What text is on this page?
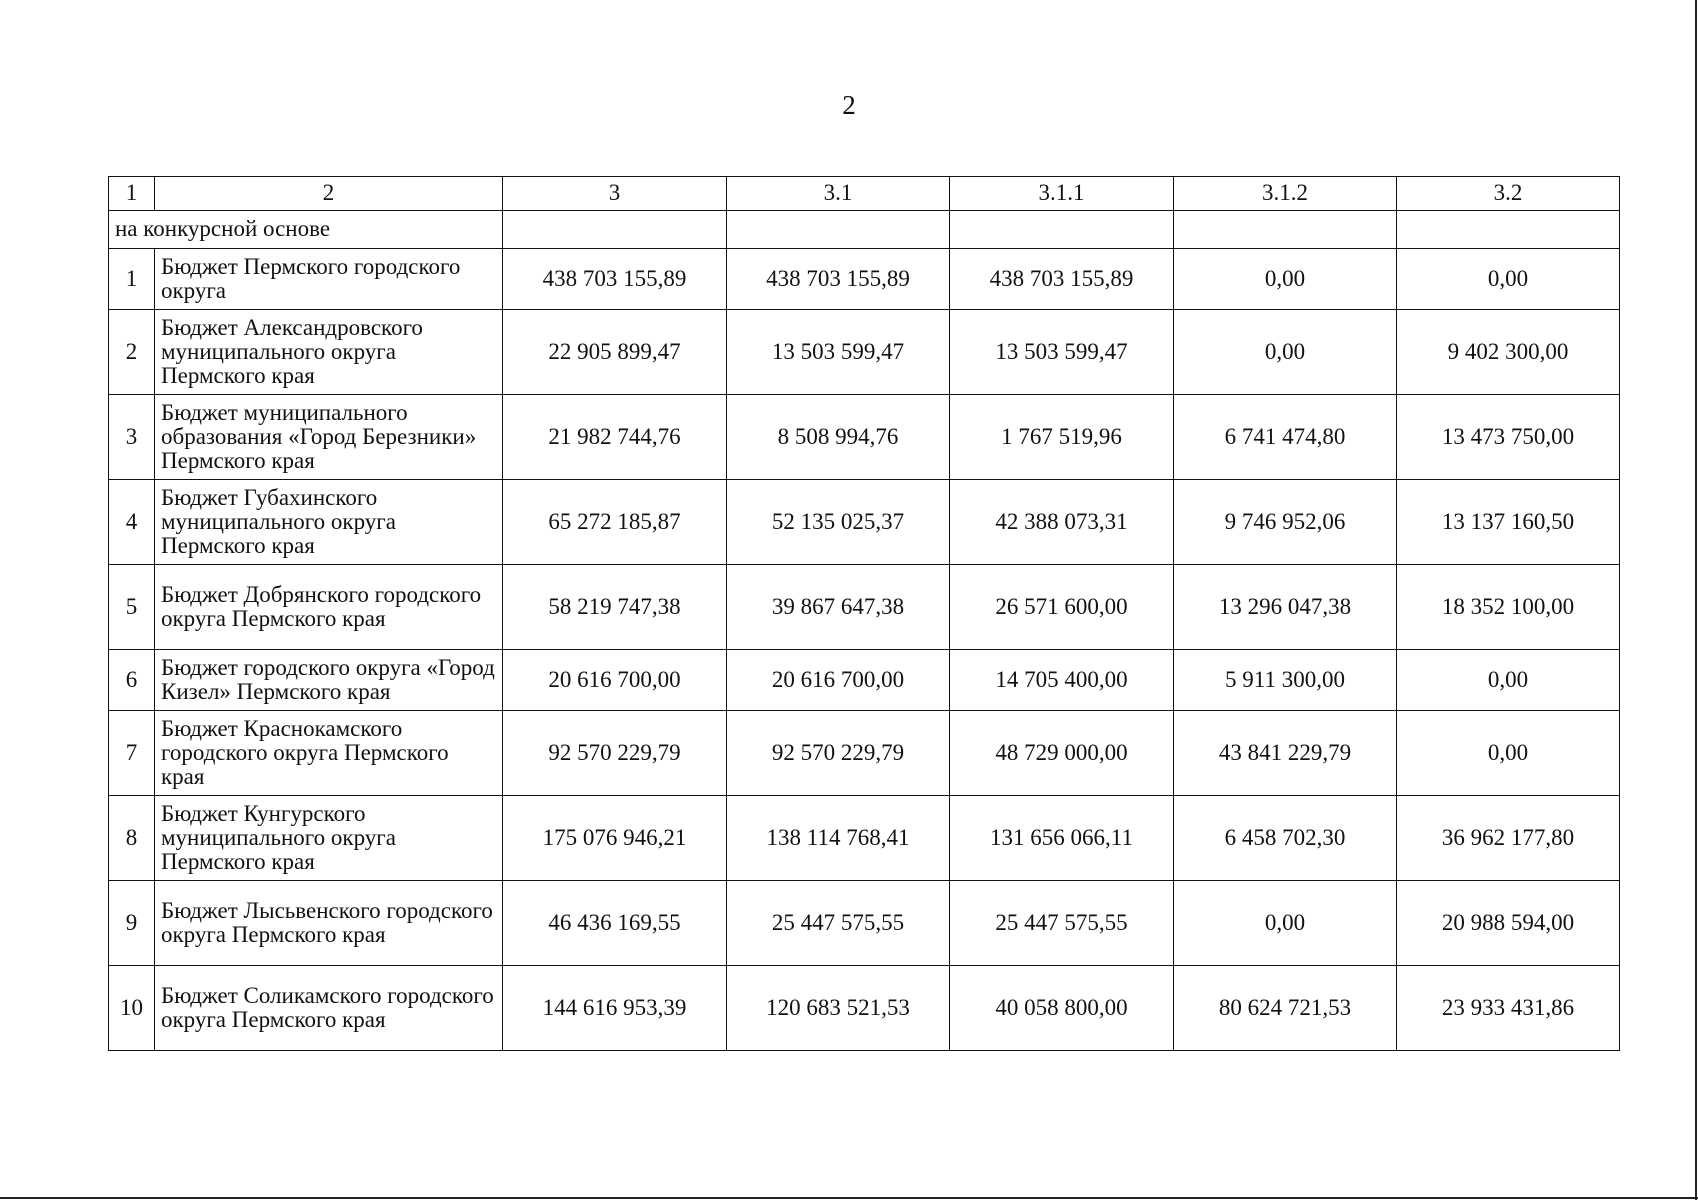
2
1	2	3	3.1	3.1.1	3.1.2	3.2
на конкурсной основе						
1	Бюджет Пермского городского округа	438 703 155,89	438 703 155,89	438 703 155,89	0,00	0,00
2	Бюджет Александровского муниципального округа Пермского края	22 905 899,47	13 503 599,47	13 503 599,47	0,00	9 402 300,00
3	Бюджет муниципального образования «Город Березники» Пермского края	21 982 744,76	8 508 994,76	1 767 519,96	6 741 474,80	13 473 750,00
4	Бюджет Губахинского муниципального округа Пермского края	65 272 185,87	52 135 025,37	42 388 073,31	9 746 952,06	13 137 160,50
5	Бюджет Добрянского городского округа Пермского края	58 219 747,38	39 867 647,38	26 571 600,00	13 296 047,38	18 352 100,00
6	Бюджет городского округа «Город Кизел» Пермского края	20 616 700,00	20 616 700,00	14 705 400,00	5 911 300,00	0,00
7	Бюджет Краснокамского городского округа Пермского края	92 570 229,79	92 570 229,79	48 729 000,00	43 841 229,79	0,00
8	Бюджет Кунгурского муниципального округа Пермского края	175 076 946,21	138 114 768,41	131 656 066,11	6 458 702,30	36 962 177,80
9	Бюджет Лысьвенского городского округа Пермского края	46 436 169,55	25 447 575,55	25 447 575,55	0,00	20 988 594,00
10	Бюджет Соликамского городского округа Пермского края	144 616 953,39	120 683 521,53	40 058 800,00	80 624 721,53	23 933 431,86
